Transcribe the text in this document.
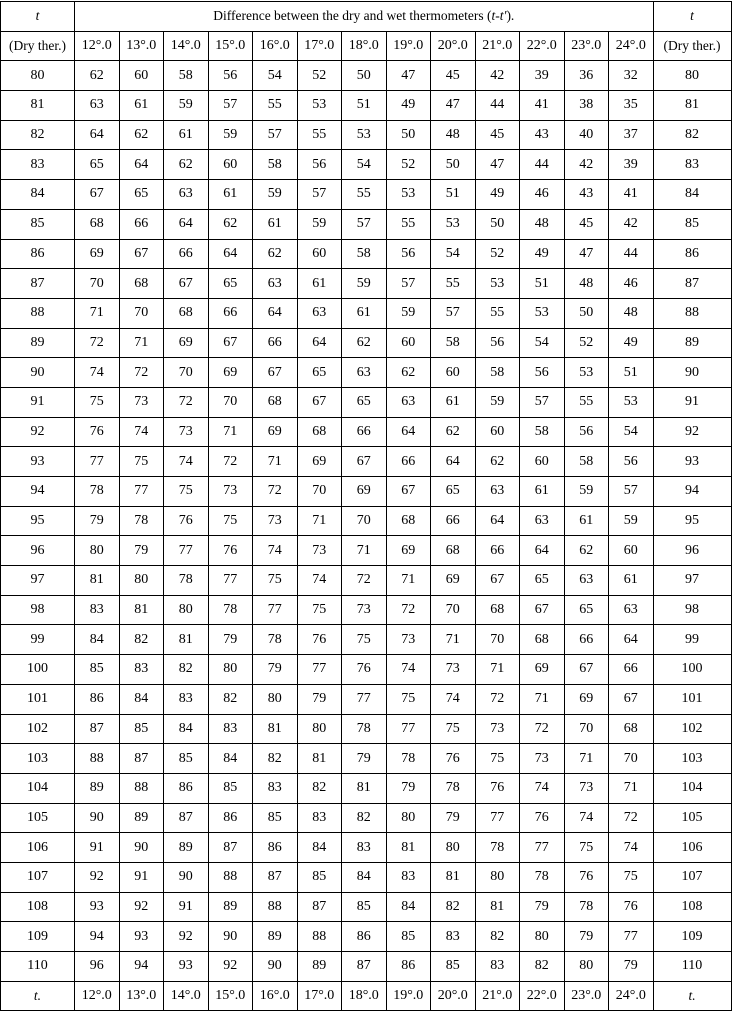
t	Difference between the dry and wet thermometers (t-t′).													t
(Dry ther.)	12°.0	13°.0	14°.0	15°.0	16°.0	17°.0	18°.0	19°.0	20°.0	21°.0	22°.0	23°.0	24°.0	(Dry ther.)
80	62	60	58	56	54	52	50	47	45	42	39	36	32	80
81	63	61	59	57	55	53	51	49	47	44	41	38	35	81
82	64	62	61	59	57	55	53	50	48	45	43	40	37	82
83	65	64	62	60	58	56	54	52	50	47	44	42	39	83
84	67	65	63	61	59	57	55	53	51	49	46	43	41	84
85	68	66	64	62	61	59	57	55	53	50	48	45	42	85
86	69	67	66	64	62	60	58	56	54	52	49	47	44	86
87	70	68	67	65	63	61	59	57	55	53	51	48	46	87
88	71	70	68	66	64	63	61	59	57	55	53	50	48	88
89	72	71	69	67	66	64	62	60	58	56	54	52	49	89
90	74	72	70	69	67	65	63	62	60	58	56	53	51	90
91	75	73	72	70	68	67	65	63	61	59	57	55	53	91
92	76	74	73	71	69	68	66	64	62	60	58	56	54	92
93	77	75	74	72	71	69	67	66	64	62	60	58	56	93
94	78	77	75	73	72	70	69	67	65	63	61	59	57	94
95	79	78	76	75	73	71	70	68	66	64	63	61	59	95
96	80	79	77	76	74	73	71	69	68	66	64	62	60	96
97	81	80	78	77	75	74	72	71	69	67	65	63	61	97
98	83	81	80	78	77	75	73	72	70	68	67	65	63	98
99	84	82	81	79	78	76	75	73	71	70	68	66	64	99
100	85	83	82	80	79	77	76	74	73	71	69	67	66	100
101	86	84	83	82	80	79	77	75	74	72	71	69	67	101
102	87	85	84	83	81	80	78	77	75	73	72	70	68	102
103	88	87	85	84	82	81	79	78	76	75	73	71	70	103
104	89	88	86	85	83	82	81	79	78	76	74	73	71	104
105	90	89	87	86	85	83	82	80	79	77	76	74	72	105
106	91	90	89	87	86	84	83	81	80	78	77	75	74	106
107	92	91	90	88	87	85	84	83	81	80	78	76	75	107
108	93	92	91	89	88	87	85	84	82	81	79	78	76	108
109	94	93	92	90	89	88	86	85	83	82	80	79	77	109
110	96	94	93	92	90	89	87	86	85	83	82	80	79	110
t.	12°.0	13°.0	14°.0	15°.0	16°.0	17°.0	18°.0	19°.0	20°.0	21°.0	22°.0	23°.0	24°.0	t.
